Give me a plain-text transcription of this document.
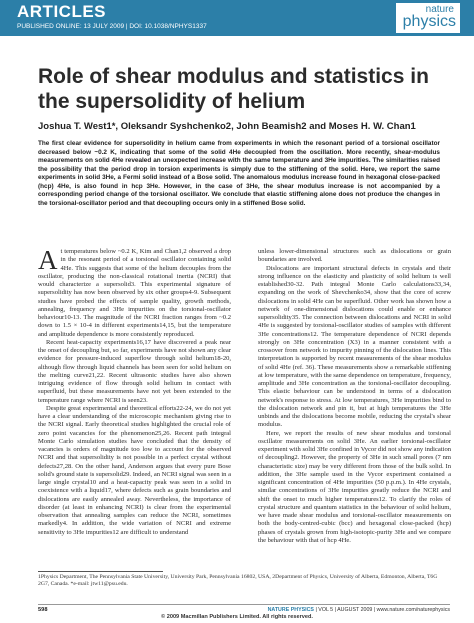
ARTICLES
PUBLISHED ONLINE: 13 JULY 2009 | DOI: 10.1038/NPHYS1337
nature
physics
Role of shear modulus and statistics in the supersolidity of helium
Joshua T. West1*, Oleksandr Syshchenko2, John Beamish2 and Moses H. W. Chan1
The first clear evidence for supersolidity in helium came from experiments in which the resonant period of a torsional oscillator decreased below ~0.2 K, indicating that some of the solid 4He decoupled from the oscillation. More recently, shear-modulus measurements on solid 4He revealed an unexpected increase with the same temperature and 3He impurities. The similarities raised the possibility that the period drop in torsion experiments is simply due to the stiffening of the solid. Here, we report the same experiments in solid 3He, a Fermi solid instead of a Bose solid. The anomalous modulus increase found in hexagonal close-packed (hcp) 4He, is also found in hcp 3He. However, in the case of 3He, the shear modulus increase is not accompanied by a corresponding period change of the torsional oscillator. We conclude that elastic stiffening alone does not produce the changes in the torsional-oscillator period and that decoupling occurs only in a stiffened Bose solid.

A t temperatures below ~0.2 K, Kim and Chan1,2 observed a drop in the resonant period of a torsional oscillator containing solid 4He. This suggests that some of the helium decouples from the oscillator, producing the non-classical rotational inertia (NCRI) that would characterize a supersolid3. This experimental signature of supersolidity has now been observed by six other groups4-9. Subsequent studies have probed the effects of sample quality, growth methods, annealing, frequency and 3He impurities on the torsional-oscillator behaviour10-13. The magnitude of the NCRI fraction ranges from ~0.2 down to 1.5 × 10-4 in different experiments14,15, but the temperature and amplitude dependence is more consistently reproduced.

Recent heat-capacity experiments16,17 have discovered a peak near the onset of decoupling but, so far, experiments have not shown any clear evidence for pressure-induced superflow through solid helium18-20, although flow through liquid channels has been seen for solid helium on the melting curve21,22. Recent ultrasonic studies have also shown intriguing evidence of flow through solid helium in contact with superfluid, but these measurements have not yet been extended to the temperature range where NCRI is seen23.

Despite great experimental and theoretical efforts22-24, we do not yet have a clear understanding of the microscopic mechanism giving rise to the NCRI signal. Early theoretical studies highlighted the crucial role of zero point vacancies for the phenomenon25,26. Recent path integral Monte Carlo simulation studies have concluded that the density of vacancies is orders of magnitude too low to account for the observed NCRI and that supersolidity is not possible in a perfect crystal without defects27,28. On the other hand, Anderson argues that every pure Bose solid's ground state is supersolid29. Indeed, an NCRI signal was seen in a large single crystal10 and a heat-capacity peak was seen in a solid in coexistence with a liquid17, where defects such as grain boundaries and dislocations are easily annealed away. Nevertheless, the importance of disorder (at least in enhancing NCRI) is clear from the experimental observation that annealing samples can reduce the NCRI, sometimes markedly4. In addition, the wide variation of NCRI and extreme sensitivity to 3He impurities12 are difficult to understand

unless lower-dimensional structures such as dislocations or grain boundaries are involved.

Dislocations are important structural defects in crystals and their strong influence on the elasticity and plasticity of solid helium is well established30-32. Path integral Monte Carlo calculations33,34, expanding on the work of Shevchenko34, show that the core of screw dislocations in solid 4He can be superfluid. Other work has shown how a network of one-dimensional dislocations could enable or enhance supersolidity35. The connection between dislocations and NCRI in solid 4He is suggested by torsional-oscillator studies of samples with different 3He concentrations12. The temperature dependence of NCRI depends strongly on 3He concentration (X3) in a manner consistent with a crossover from network to impurity pinning of the dislocation lines. This interpretation is supported by recent measurements of the shear modulus of solid 4He (ref. 36). These measurements show a remarkable stiffening at low temperature, with the same dependence on temperature, frequency, amplitude and 3He concentration as the torsional-oscillator decoupling. This elastic behaviour can be understood in terms of a dislocation network's response to stress. At low temperatures, 3He impurities bind to the dislocation network and pin it, but at high temperatures the 3He unbinds and the dislocations become mobile, reducing the crystal's shear modulus.

Here, we report the results of new shear modulus and torsional oscillator measurements on solid 3He. An earlier torsional-oscillator experiment with solid 3He confined in Vycor did not show any indication of decoupling2. However, the property of 3He in such small pores (7 nm characteristic size) may be very different from those of the bulk solid. In addition, the 3He sample used in the Vycor experiment contained a significant concentration of 4He impurities (50 p.p.m.). In 4He crystals, similar concentrations of 3He impurities greatly reduce the NCRI and shift the onset to much higher temperatures12. To clarify the roles of crystal structure and quantum statistics in the behaviour of solid helium, we have made shear modulus and torsional-oscillator measurements on both the body-centred-cubic (bcc) and hexagonal close-packed (hcp) phases of crystals grown from high-isotopic-purity 3He and we compare the behaviour with that of hcp 4He.

1Physics Department, The Pennsylvania State University, University Park, Pennsylvania 16802, USA, 2Department of Physics, University of Alberta, Edmonton, Alberta, T6G 2G7, Canada. *e-mail: jtw11@psu.edu.
598	NATURE PHYSICS | VOL 5 | AUGUST 2009 | www.nature.com/naturephysics
© 2009 Macmillan Publishers Limited. All rights reserved.
